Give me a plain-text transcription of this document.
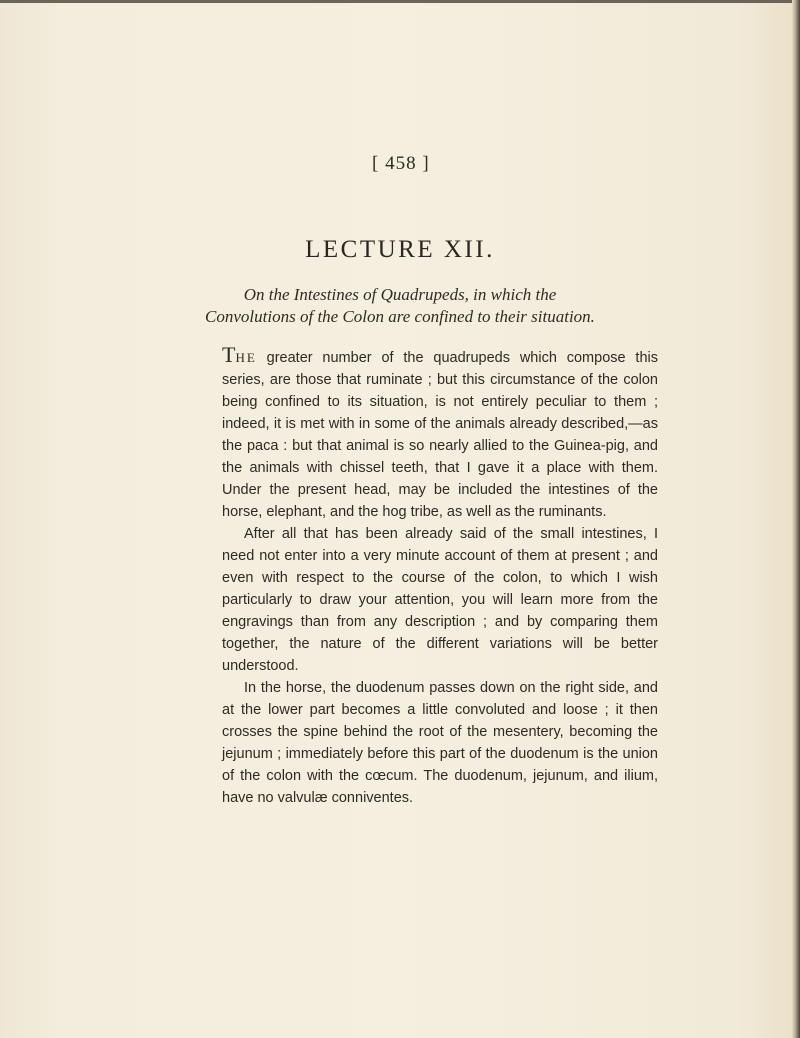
[ 458 ]
LECTURE XII.
On the Intestines of Quadrupeds, in which the Convolutions of the Colon are confined to their situation.

THE greater number of the quadrupeds which compose this series, are those that ruminate ; but this circumstance of the colon being confined to its situation, is not entirely peculiar to them ; indeed, it is met with in some of the animals already described,—as the paca : but that animal is so nearly allied to the Guinea-pig, and the animals with chissel teeth, that I gave it a place with them. Under the present head, may be included the intestines of the horse, elephant, and the hog tribe, as well as the ruminants.

After all that has been already said of the small intestines, I need not enter into a very minute account of them at present ; and even with respect to the course of the colon, to which I wish particularly to draw your attention, you will learn more from the engravings than from any description ; and by comparing them together, the nature of the different variations will be better understood.

In the horse, the duodenum passes down on the right side, and at the lower part becomes a little convoluted and loose ; it then crosses the spine behind the root of the mesentery, becoming the jejunum ; immediately before this part of the duodenum is the union of the colon with the cœcum. The duodenum, jejunum, and ilium, have no valvulæ conniventes.
